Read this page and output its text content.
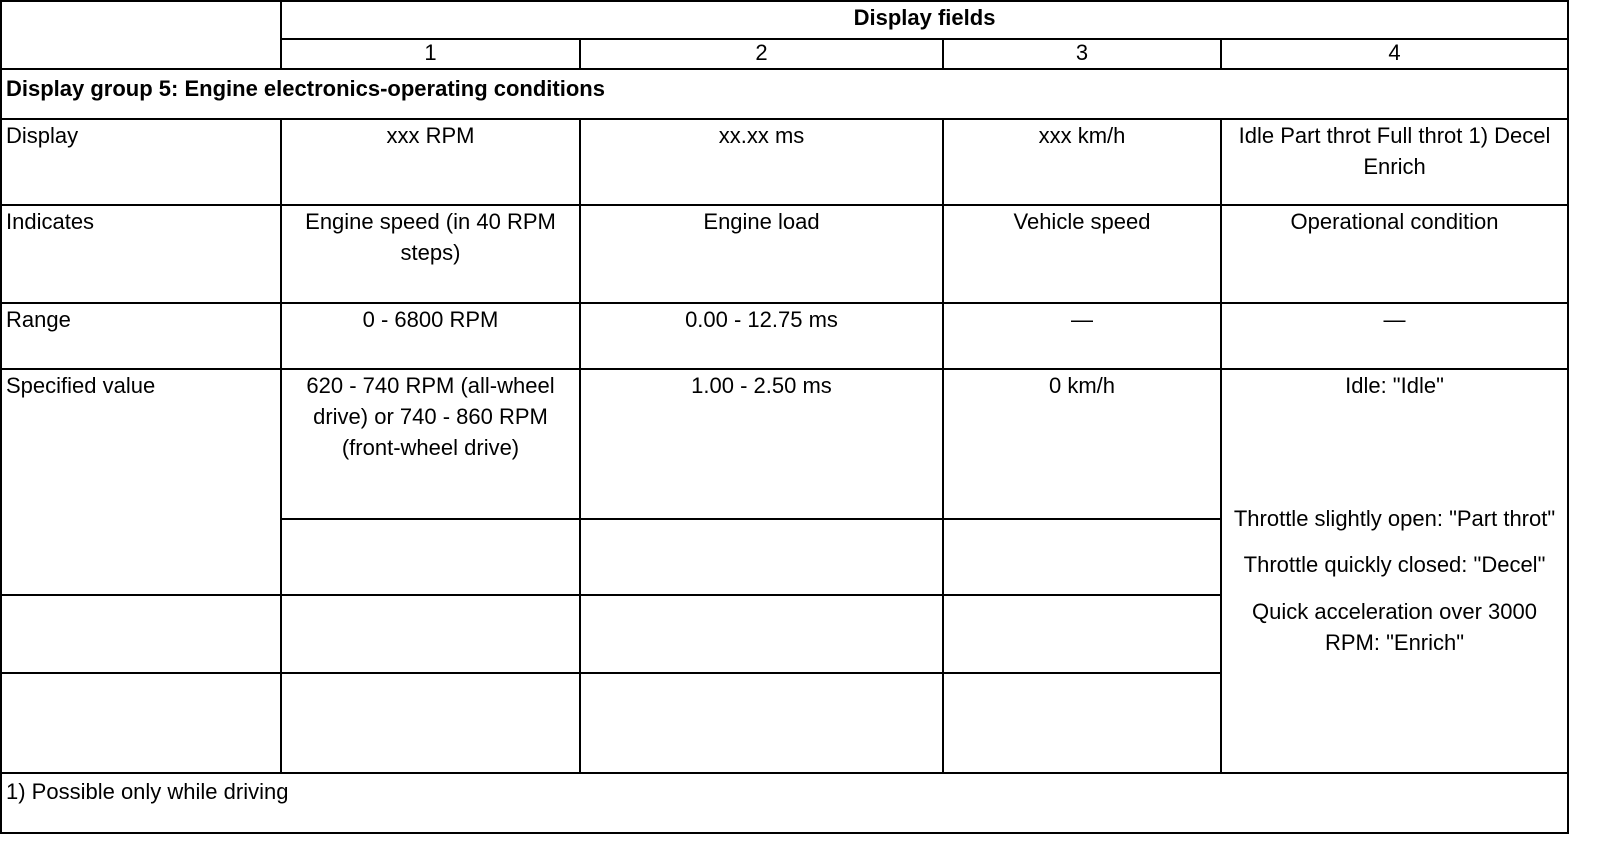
	Display fields			
	1	2	3	4
Display group 5: Engine electronics-operating conditions				
Display	xxx RPM	xx.xx ms	xxx km/h	Idle Part throt Full throt 1) Decel Enrich
Indicates	Engine speed (in 40 RPM steps)	Engine load	Vehicle speed	Operational condition
Range	0 - 6800 RPM	0.00 - 12.75 ms	—	—
Specified value	620 - 740 RPM (all-wheel drive) or 740 - 860 RPM (front-wheel drive)	1.00 - 2.50 ms	0 km/h	Idle: "Idle"

Throttle slightly open: "Part throt"

Throttle quickly closed: "Decel"

Quick acceleration over 3000 RPM: "Enrich"

1) Possible only while driving				
